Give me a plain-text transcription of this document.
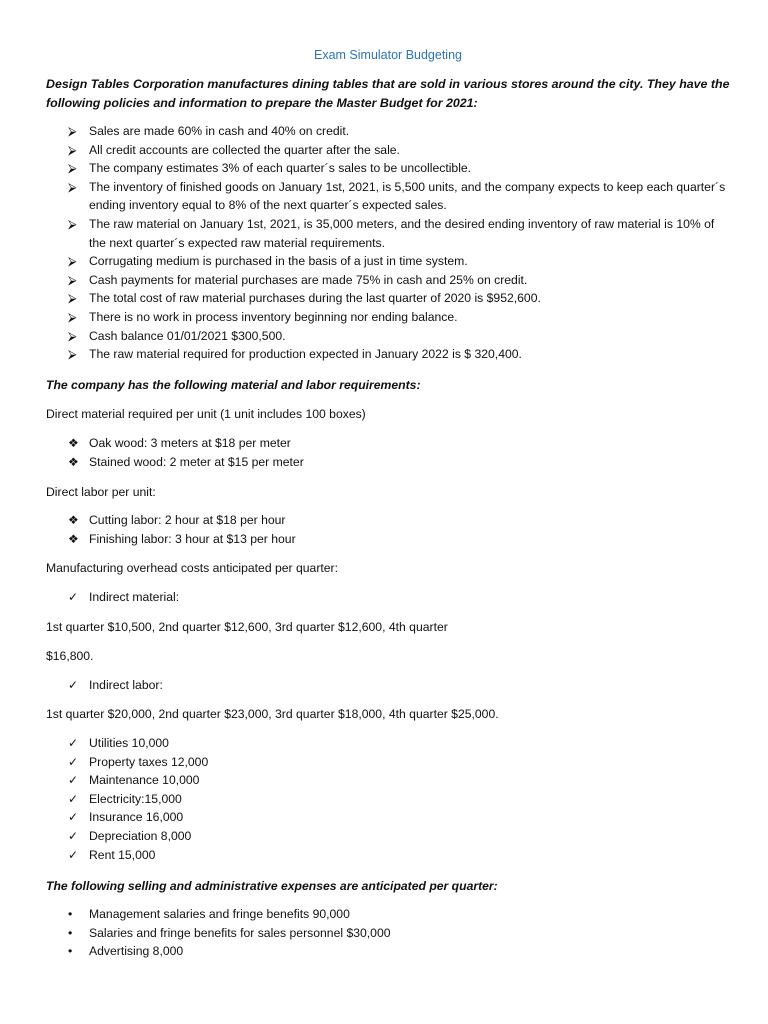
Exam Simulator Budgeting
Design Tables Corporation manufactures dining tables that are sold in various stores around the city. They have the following policies and information to prepare the Master Budget for 2021:
⮚	Sales are made 60% in cash and 40% on credit.
⮚	All credit accounts are collected the quarter after the sale.
⮚	The company estimates 3% of each quarter´s sales to be uncollectible.
⮚	The inventory of finished goods on January 1st, 2021, is 5,500 units, and the company expects to keep each quarter´s ending inventory equal to 8% of the next quarter´s expected sales.
⮚	The raw material on January 1st, 2021, is 35,000 meters, and the desired ending inventory of raw material is 10% of the next quarter´s expected raw material requirements.
⮚	Corrugating medium is purchased in the basis of a just in time system.
⮚	Cash payments for material purchases are made 75% in cash and 25% on credit.
⮚	The total cost of raw material purchases during the last quarter of 2020 is $952,600.
⮚	There is no work in process inventory beginning nor ending balance.
⮚	Cash balance 01/01/2021 $300,500.
⮚	The raw material required for production expected in January 2022 is $ 320,400.
The company has the following material and labor requirements:
Direct material required per unit (1 unit includes 100 boxes)
❖ Oak wood: 3 meters at $18 per meter
❖ Stained wood: 2 meter at $15 per meter
Direct labor per unit:
❖ Cutting labor: 2 hour at $18 per hour
❖ Finishing labor: 3 hour at $13 per hour
Manufacturing overhead costs anticipated per quarter:
✓ Indirect material:
1st quarter $10,500, 2nd quarter $12,600, 3rd quarter $12,600, 4th quarter
$16,800.
✓ Indirect labor:
1st quarter $20,000, 2nd quarter $23,000, 3rd quarter $18,000, 4th quarter $25,000.
✓ Utilities 10,000
✓ Property taxes 12,000
✓ Maintenance 10,000
✓ Electricity:15,000
✓ Insurance 16,000
✓ Depreciation 8,000
✓ Rent 15,000
The following selling and administrative expenses are anticipated per quarter:
•	Management salaries and fringe benefits 90,000
•	Salaries and fringe benefits for sales personnel $30,000
•	Advertising 8,000
